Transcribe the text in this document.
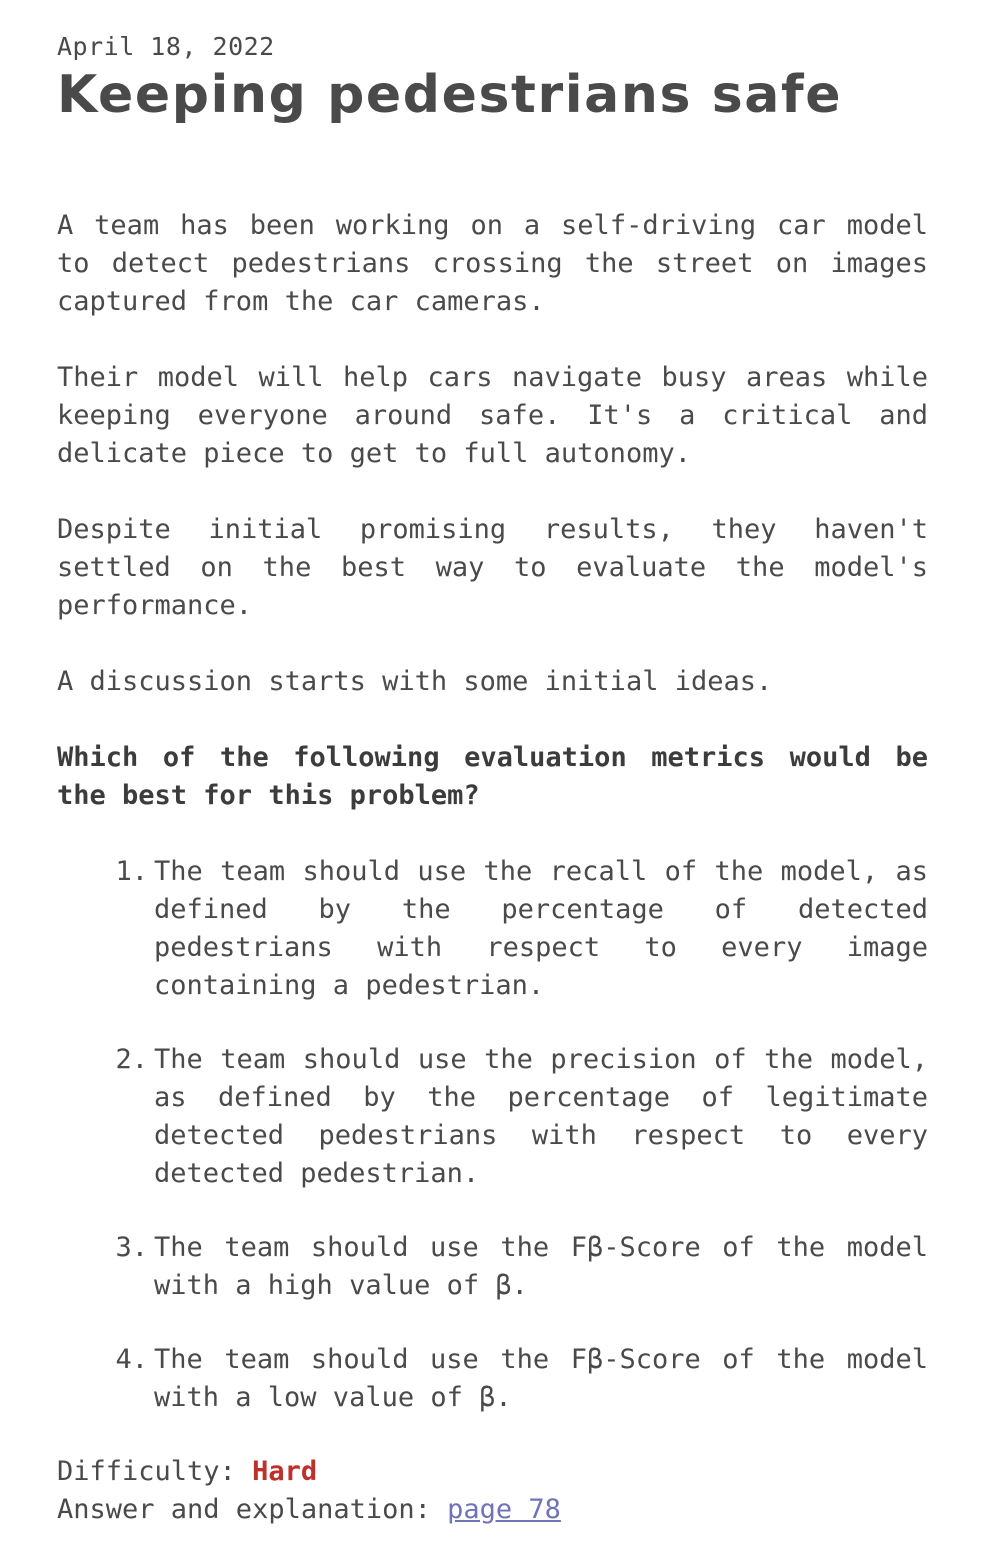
April 18, 2022
Keeping pedestrians safe

A team has been working on a self-driving car model to detect pedestrians crossing the street on images captured from the car cameras.

Their model will help cars navigate busy areas while keeping everyone around safe. It's a critical and delicate piece to get to full autonomy.

Despite initial promising results, they haven't settled on the best way to evaluate the model's performance.

A discussion starts with some initial ideas.

Which of the following evaluation metrics would be the best for this problem?

1. The team should use the recall of the model, as defined by the percentage of detected pedestrians with respect to every image containing a pedestrian.
2. The team should use the precision of the model, as defined by the percentage of legitimate detected pedestrians with respect to every detected pedestrian.
3. The team should use the Fβ-Score of the model with a high value of β.
4. The team should use the Fβ-Score of the model with a low value of β.
Difficulty: Hard
Answer and explanation: page 78
